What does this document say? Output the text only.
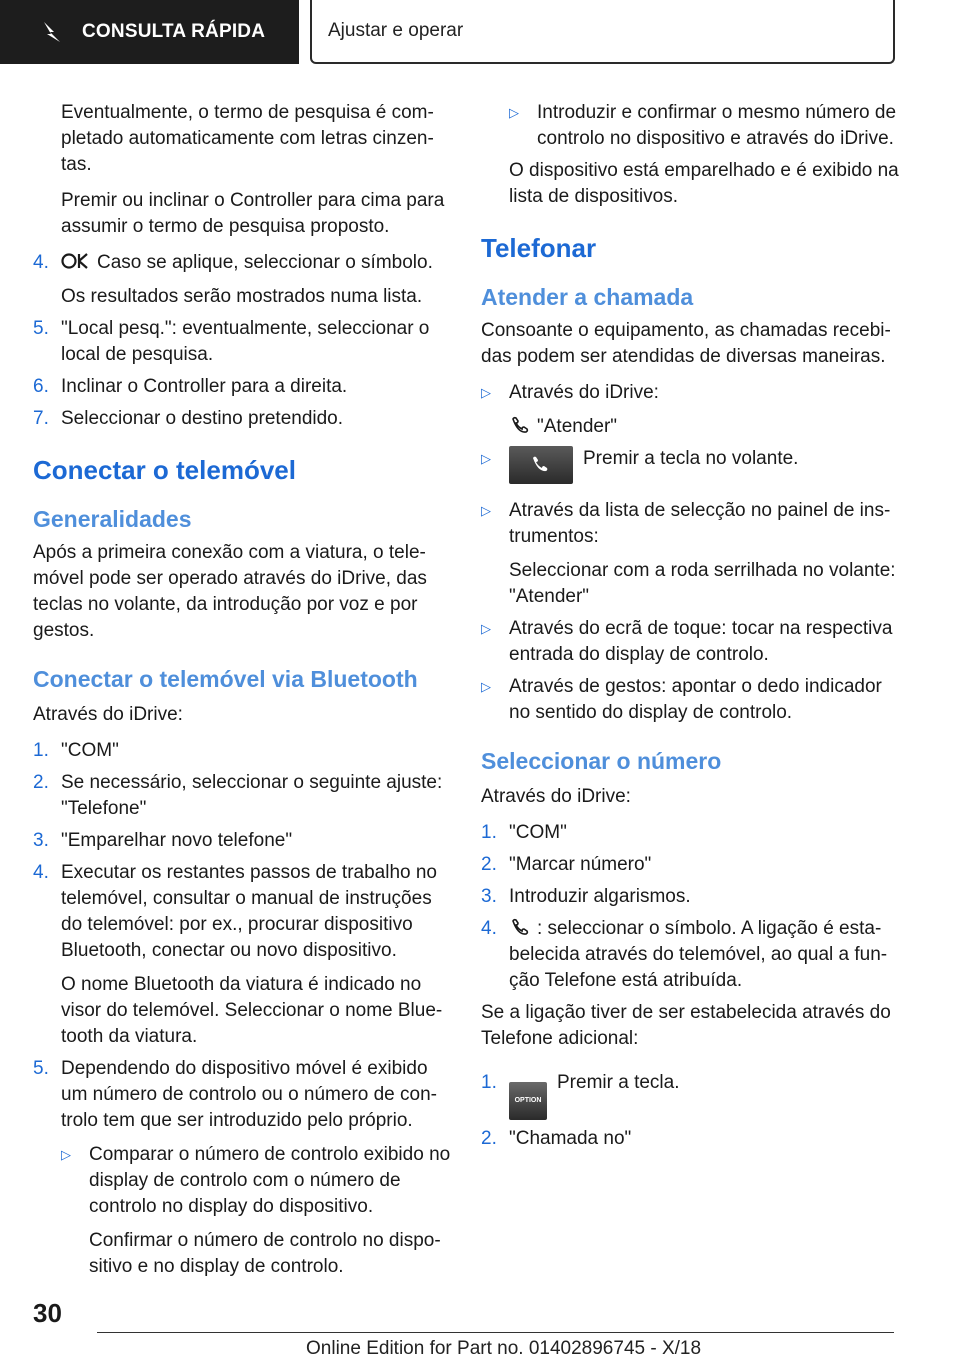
CONSULTA RÁPIDA	Ajustar e operar

Eventualmente, o termo de pesquisa é com-pletado automaticamente com letras cinzen-tas.

Premir ou inclinar o Controller para cima para assumir o termo de pesquisa proposto.

4.	Caso se aplique, seleccionar o símbolo.
Os resultados serão mostrados numa lista.
5. "Local pesq.": eventualmente, seleccionar o local de pesquisa.
6. Inclinar o Controller para a direita.
7. Seleccionar o destino pretendido.
Conectar o telemóvel
Generalidades

Após a primeira conexão com a viatura, o tele-móvel pode ser operado através do iDrive, das teclas no volante, da introdução por voz e por gestos.

Conectar o telemóvel via Bluetooth

Através do iDrive:

1. "COM"
2. Se necessário, seleccionar o seguinte ajuste: "Telefone"
3. "Emparelhar novo telefone"
4. Executar os restantes passos de trabalho no telemóvel, consultar o manual de instruções do telemóvel: por ex., procurar dispositivo Bluetooth, conectar ou novo dispositivo.
O nome Bluetooth da viatura é indicado no visor do telemóvel. Seleccionar o nome Blue-tooth da viatura.
5. Dependendo do dispositivo móvel é exibido um número de controlo ou o número de con-trolo tem que ser introduzido pelo próprio.
▷ Comparar o número de controlo exibido no display de controlo com o número de controlo no display do dispositivo.
Confirmar o número de controlo no dispo-sitivo e no display de controlo.
▷ Introduzir e confirmar o mesmo número de controlo no dispositivo e através do iDrive.

O dispositivo está emparelhado e é exibido na lista de dispositivos.

Telefonar
Atender a chamada

Consoante o equipamento, as chamadas recebi-das podem ser atendidas de diversas maneiras.

▷ Através do iDrive:
"Atender"
▷	Premir a tecla no volante.
▷ Através da lista de selecção no painel de ins-trumentos:
Seleccionar com a roda serrilhada no volante: "Atender"
▷ Através do ecrã de toque: tocar na respectiva entrada do display de controlo.
▷ Através de gestos: apontar o dedo indicador no sentido do display de controlo.
Seleccionar o número

Através do iDrive:

1. "COM"
2. "Marcar número"
3. Introduzir algarismos.
4.	: seleccionar o símbolo. A ligação é esta-belecida através do telemóvel, ao qual a fun-ção Telefone está atribuída.

Se a ligação tiver de ser estabelecida através do Telefone adicional:

1.
OPTIONPremir a tecla.
2. "Chamada no"
30
Online Edition for Part no. 01402896745 - X/18
